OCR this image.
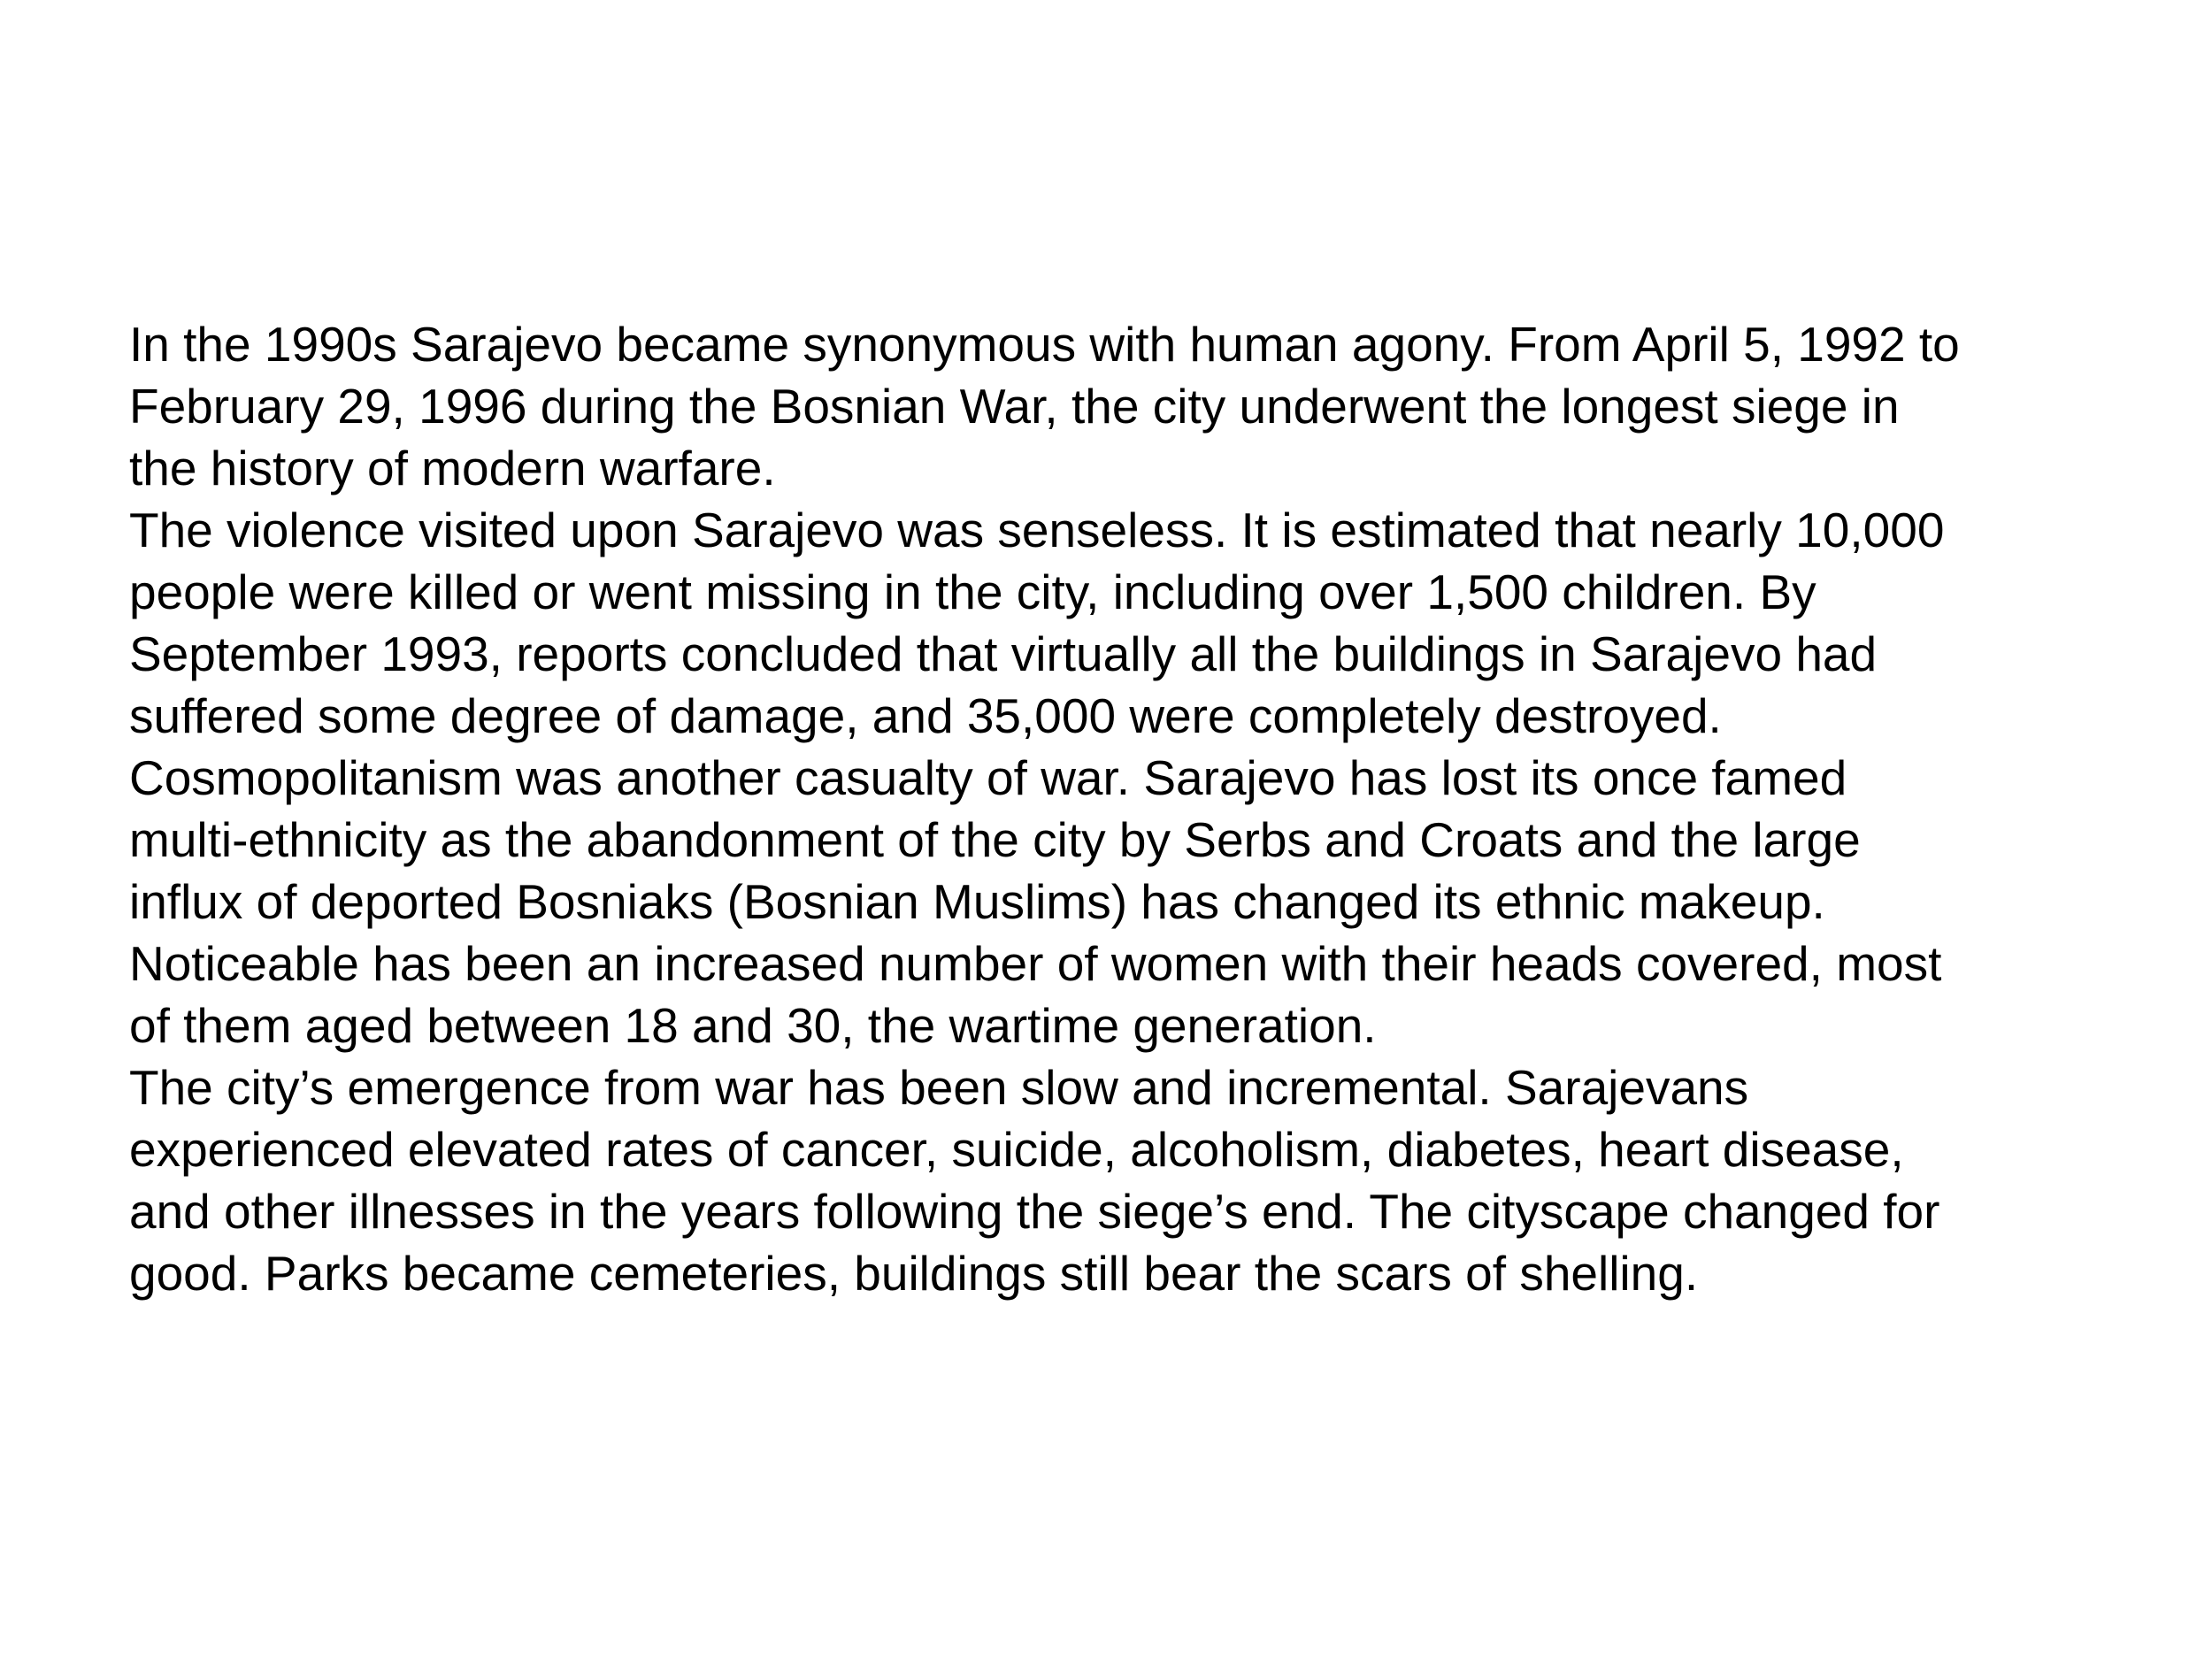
In the 1990s Sarajevo became synonymous with human agony. From April 5, 1992 to
February 29, 1996 during the Bosnian War, the city underwent the longest siege in
the history of modern warfare.
The violence visited upon Sarajevo was senseless. It is estimated that nearly 10,000
people were killed or went missing in the city, including over 1,500 children. By
September 1993, reports concluded that virtually all the buildings in Sarajevo had
suffered some degree of damage, and 35,000 were completely destroyed.
Cosmopolitanism was another casualty of war. Sarajevo has lost its once famed
multi-ethnicity as the abandonment of the city by Serbs and Croats and the large
influx of deported Bosniaks (Bosnian Muslims) has changed its ethnic makeup.
Noticeable has been an increased number of women with their heads covered, most
of them aged between 18 and 30, the wartime generation.
The city’s emergence from war has been slow and incremental. Sarajevans
experienced elevated rates of cancer, suicide, alcoholism, diabetes, heart disease,
and other illnesses in the years following the siege’s end. The cityscape changed for
good. Parks became cemeteries, buildings still bear the scars of shelling.
